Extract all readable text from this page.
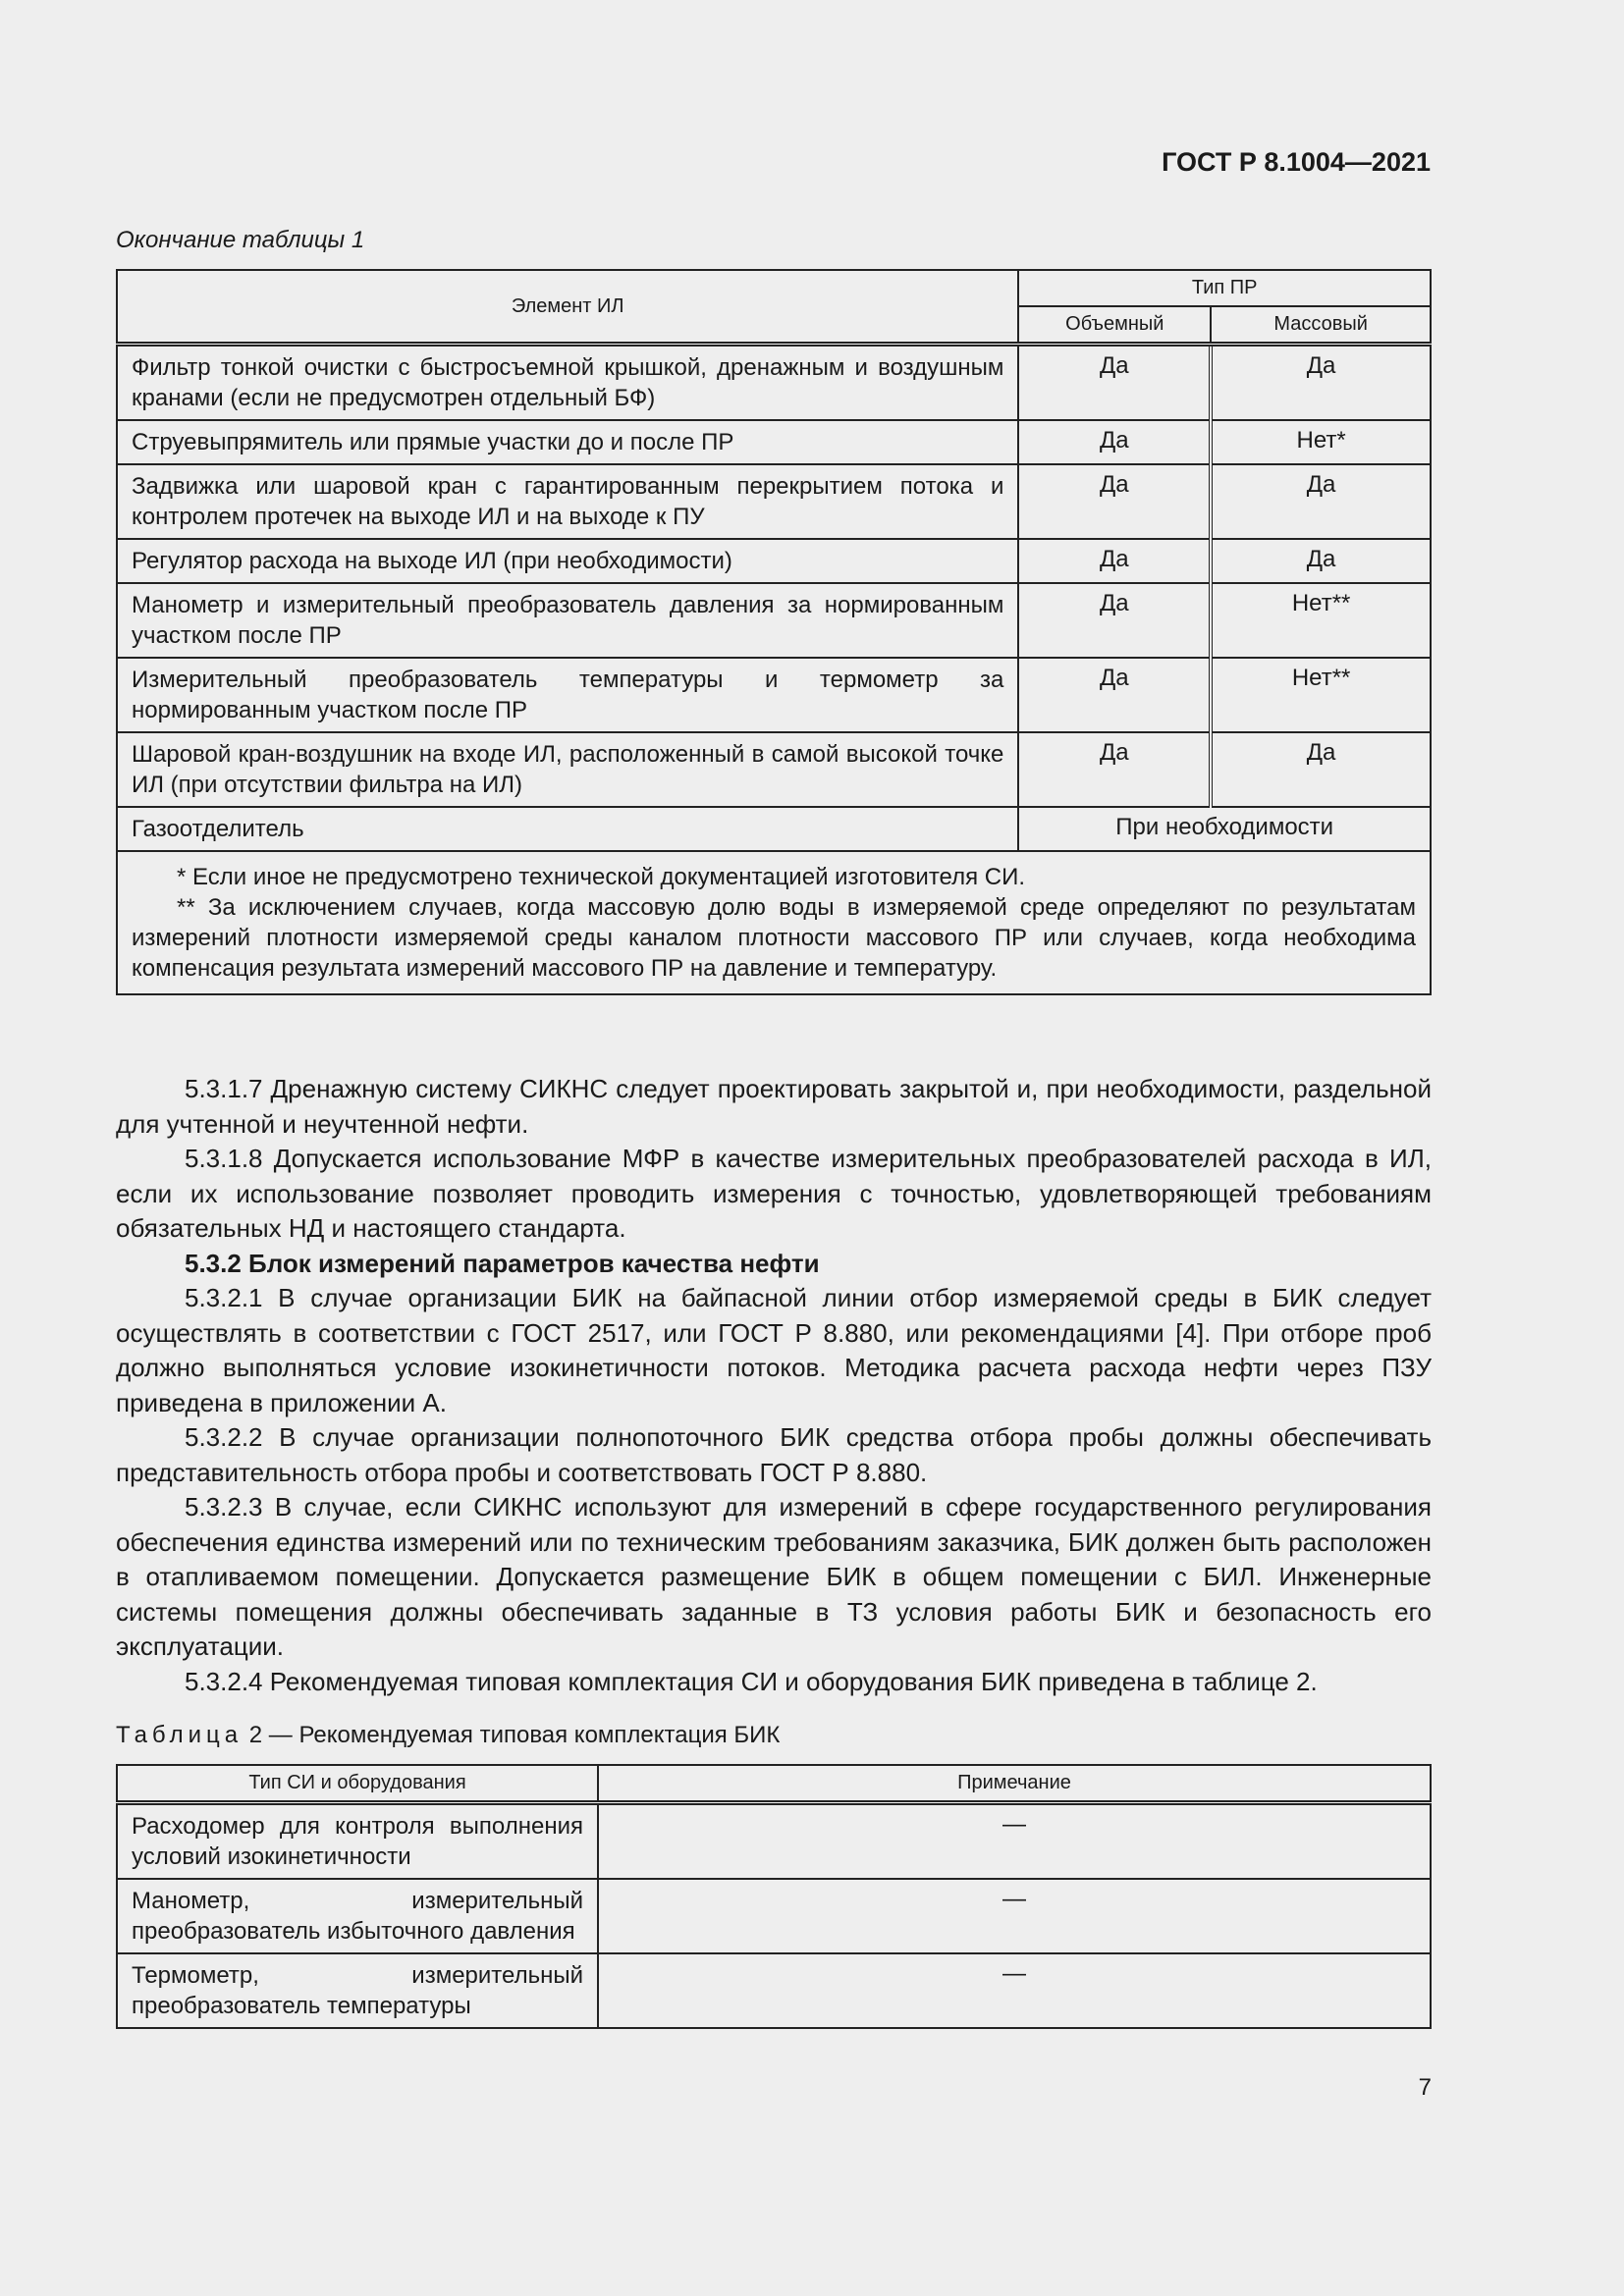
ГОСТ Р 8.1004—2021
Окончание таблицы 1
Элемент ИЛ	Тип ПР	
	Объемный	Массовый
Фильтр тонкой очистки с быстросъемной крышкой, дренажным и воздушным кранами (если не предусмотрен отдельный БФ)	Да	Да
Струевыпрямитель или прямые участки до и после ПР	Да	Нет*
Задвижка или шаровой кран с гарантированным перекрытием потока и контролем протечек на выходе ИЛ и на выходе к ПУ	Да	Да
Регулятор расхода на выходе ИЛ (при необходимости)	Да	Да
Манометр и измерительный преобразователь давления за нормированным участком после ПР	Да	Нет**
Измерительный преобразователь температуры и термометр за нормированным участком после ПР	Да	Нет**
Шаровой кран-воздушник на входе ИЛ, расположенный в самой высокой точке ИЛ (при отсутствии фильтра на ИЛ)	Да	Да
Газоотделитель	При необходимости	

* Если иное не предусмотрено технической документацией изготовителя СИ.

** За исключением случаев, когда массовую долю воды в измеряемой среде определяют по результатам измерений плотности измеряемой среды каналом плотности массового ПР или случаев, когда необходима компенсация результата измерений массового ПР на давление и температуру.		

5.3.1.7 Дренажную систему СИКНС следует проектировать закрытой и, при необходимости, раздельной для учтенной и неучтенной нефти.

5.3.1.8 Допускается использование МФР в качестве измерительных преобразователей расхода в ИЛ, если их использование позволяет проводить измерения с точностью, удовлетворяющей требованиям обязательных НД и настоящего стандарта.

5.3.2 Блок измерений параметров качества нефти

5.3.2.1 В случае организации БИК на байпасной линии отбор измеряемой среды в БИК следует осуществлять в соответствии с ГОСТ 2517, или ГОСТ Р 8.880, или рекомендациями [4]. При отборе проб должно выполняться условие изокинетичности потоков. Методика расчета расхода нефти через ПЗУ приведена в приложении А.

5.3.2.2 В случае организации полнопоточного БИК средства отбора пробы должны обеспечивать представительность отбора пробы и соответствовать ГОСТ Р 8.880.

5.3.2.3 В случае, если СИКНС используют для измерений в сфере государственного регулирования обеспечения единства измерений или по техническим требованиям заказчика, БИК должен быть расположен в отапливаемом помещении. Допускается размещение БИК в общем помещении с БИЛ. Инженерные системы помещения должны обеспечивать заданные в ТЗ условия работы БИК и безопасность его эксплуатации.

5.3.2.4 Рекомендуемая типовая комплектация СИ и оборудования БИК приведена в таблице 2.

Таблица 2 — Рекомендуемая типовая комплектация БИК
Тип СИ и оборудования	Примечание
Расходомер для контроля выполнения условий изокинетичности	—
Манометр, измерительный преобразователь избыточного давления	—
Термометр, измерительный преобразователь температуры	—
7
